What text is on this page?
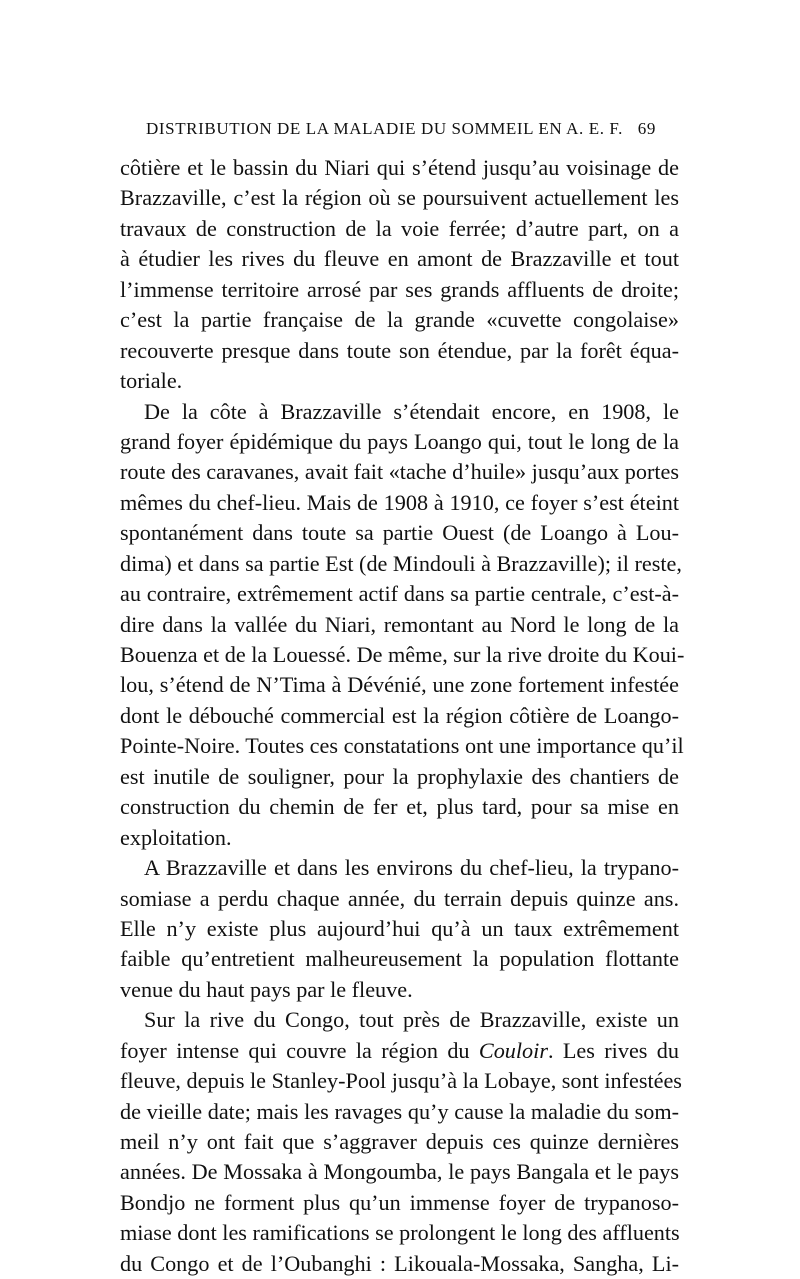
DISTRIBUTION DE LA MALADIE DU SOMMEIL EN A. E. F. 69

côtière et le bassin du Niari qui s’étend jusqu’au voisinage de
Brazzaville, c’est la région où se poursuivent actuellement les
travaux de construction de la voie ferrée; d’autre part, on a
à étudier les rives du fleuve en amont de Brazzaville et tout
l’immense territoire arrosé par ses grands affluents de droite;
c’est la partie française de la grande «cuvette congolaise»
recouverte presque dans toute son étendue, par la forêt équa-
toriale.

De la côte à Brazzaville s’étendait encore, en 1908, le
grand foyer épidémique du pays Loango qui, tout le long de la
route des caravanes, avait fait «tache d’huile» jusqu’aux portes
mêmes du chef-lieu. Mais de 1908 à 1910, ce foyer s’est éteint
spontanément dans toute sa partie Ouest (de Loango à Lou-
dima) et dans sa partie Est (de Mindouli à Brazzaville); il reste,
au contraire, extrêmement actif dans sa partie centrale, c’est-à-
dire dans la vallée du Niari, remontant au Nord le long de la
Bouenza et de la Louessé. De même, sur la rive droite du Koui-
lou, s’étend de N’Tima à Dévénié, une zone fortement infestée
dont le débouché commercial est la région côtière de Loango-
Pointe-Noire. Toutes ces constatations ont une importance qu’il
est inutile de souligner, pour la prophylaxie des chantiers de
construction du chemin de fer et, plus tard, pour sa mise en
exploitation.

A Brazzaville et dans les environs du chef-lieu, la trypano-
somiase a perdu chaque année, du terrain depuis quinze ans.
Elle n’y existe plus aujourd’hui qu’à un taux extrêmement
faible qu’entretient malheureusement la population flottante
venue du haut pays par le fleuve.

Sur la rive du Congo, tout près de Brazzaville, existe un
foyer intense qui couvre la région du Couloir. Les rives du
fleuve, depuis le Stanley-Pool jusqu’à la Lobaye, sont infestées
de vieille date; mais les ravages qu’y cause la maladie du som-
meil n’y ont fait que s’aggraver depuis ces quinze dernières
années. De Mossaka à Mongoumba, le pays Bangala et le pays
Bondjo ne forment plus qu’un immense foyer de trypanoso-
miase dont les ramifications se prolongent le long des affluents
du Congo et de l’Oubanghi : Likouala-Mossaka, Sangha, Li-
